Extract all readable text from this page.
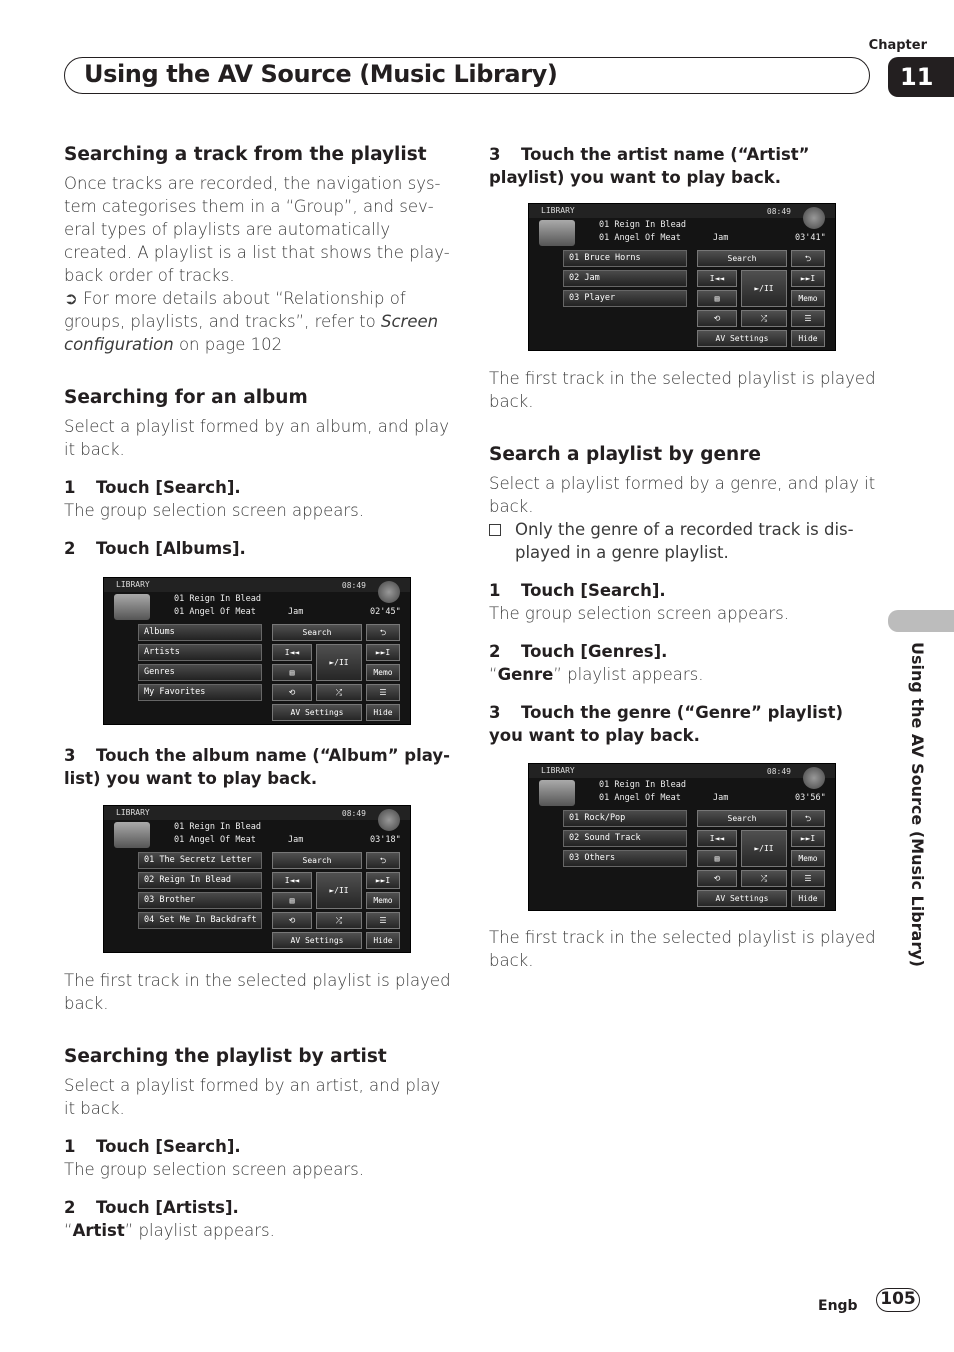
Chapter
Using the AV Source (Music Library)	11
Using the AV Source (Music Library)

Searching a track from the playlist

Once tracks are recorded, the navigation sys-tem categorises them in a “Group”, and sev-eral types of playlists are automatically created. A playlist is a list that shows the play-back order of tracks.

➲ For more details about “Relationship of groups, playlists, and tracks”, refer to Screen configuration on page 102

Searching for an album

Select a playlist formed by an album, and play it back.

1 Touch [Search].

The group selection screen appears.

2 Touch [Albums].

LIBRARY	08:49
01 Reign In Blead
01 Angel Of Meat	Jam	02'45"
Albums
Artists
Genres
My Favorites
Search	⮌
I◄◄
►/II
►►I
▤	Memo
⟲	⤮	☰
AV Settings	Hide

3 Touch the album name (“Album” play-list) you want to play back.

LIBRARY	08:49
01 Reign In Blead
01 Angel Of Meat	Jam	03'18"
01 The Secretz Letter
02 Reign In Blead
03 Brother
04 Set Me In Backdraft
Search	⮌
I◄◄
►/II
►►I
▤	Memo
⟲	⤮	☰
AV Settings	Hide

The first track in the selected playlist is played back.

Searching the playlist by artist

Select a playlist formed by an artist, and play it back.

1 Touch [Search].

The group selection screen appears.

2 Touch [Artists].

“Artist” playlist appears.

3 Touch the artist name (“Artist” playlist) you want to play back.

LIBRARY	08:49
01 Reign In Blead
01 Angel Of Meat	Jam	03'41"
01 Bruce Horns
02 Jam
03 Player
Search	⮌
I◄◄
►/II
►►I
▤	Memo
⟲	⤮	☰
AV Settings	Hide

The first track in the selected playlist is played back.

Search a playlist by genre

Select a playlist formed by a genre, and play it back.

Only the genre of a recorded track is dis-played in a genre playlist.

1 Touch [Search].

The group selection screen appears.

2 Touch [Genres].

“Genre” playlist appears.

3 Touch the genre (“Genre” playlist) you want to play back.

LIBRARY	08:49
01 Reign In Blead
01 Angel Of Meat	Jam	03'56"
01 Rock/Pop
02 Sound Track
03 Others
Search	⮌
I◄◄
►/II
►►I
▤	Memo
⟲	⤮	☰
AV Settings	Hide

The first track in the selected playlist is played back.

Engb 105
